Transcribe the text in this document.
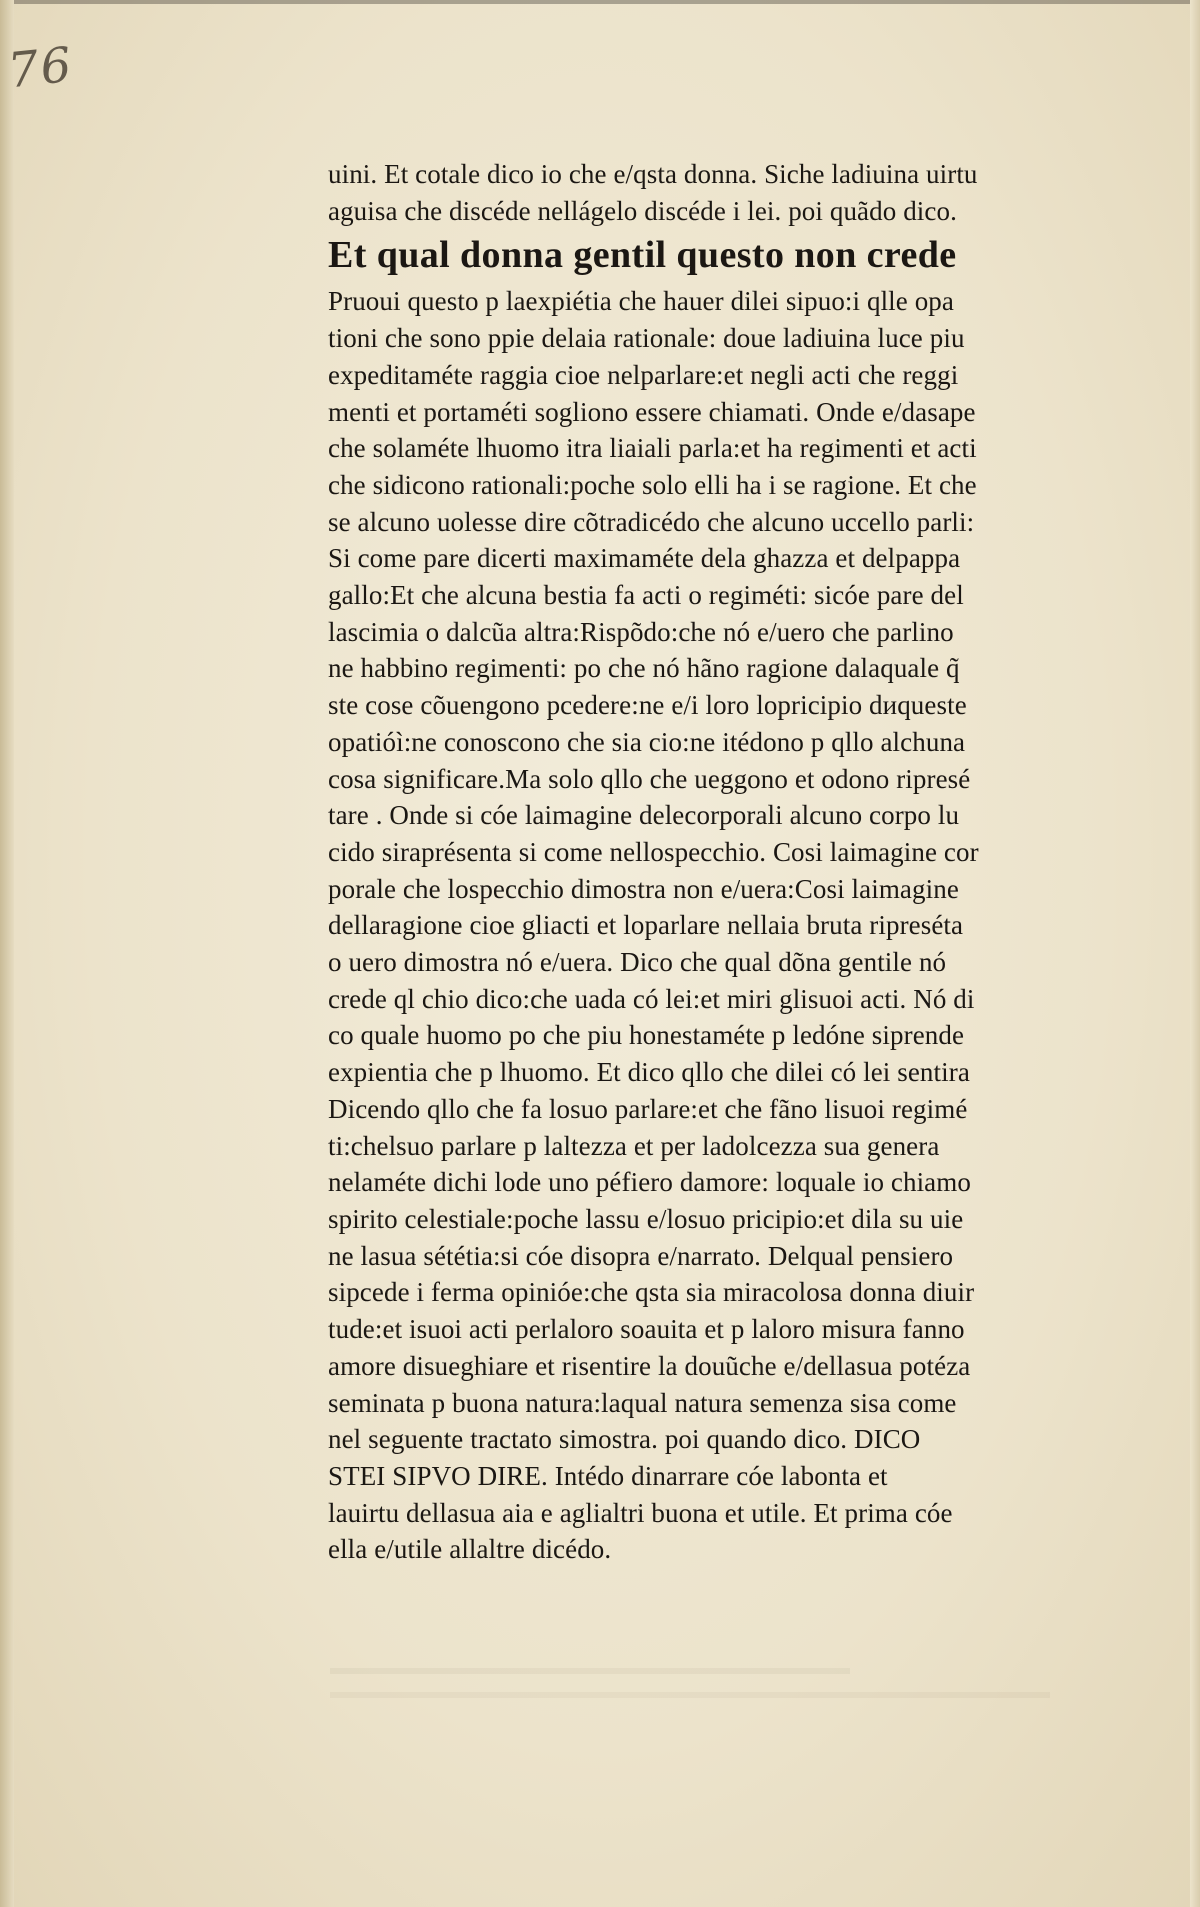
76

uini. Et cotale dico io che e/qsta donna. Siche ladiuina uirtu
aguisa che discéde nellágelo discéde i lei. poi quãdo dico.
Et qual donna gentil questo non crede
Pruoui questo p laexpiétia che hauer dilei sipuo:i qlle opa
tioni che sono ppie delaia rationale: doue ladiuina luce piu
expeditaméte raggia cioe nelparlare:et negli acti che reggi
menti et portaméti sogliono essere chiamati. Onde e/dasape
che solaméte lhuomo itra liaiali parla:et ha regimenti et acti
che sidicono rationali:poche solo elli ha i se ragione. Et che
se alcuno uolesse dire cõtradicédo che alcuno uccello parli:
Si come pare dicerti maximaméte dela ghazza et delpappa
gallo:Et che alcuna bestia fa acti o regiméti: sicóe pare del
lascimia o dalcũa altra:Rispõdo:che nó e/uero che parlino
ne habbino regimenti: po che nó hãno ragione dalaquale q̃
ste cose cõuengono pcedere:ne e/i loro lopricipio dиqueste
opatióì:ne conoscono che sia cio:ne itédono p qllo alchuna
cosa significare.Ma solo qllo che ueggono et odono ripresé
tare . Onde si cóe laimagine delecorporali alcuno corpo lu
cido siraprésenta si come nellospecchio. Cosi laimagine cor
porale che lospecchio dimostra non e/uera:Cosi laimagine
dellaragione cioe gliacti et loparlare nellaia bruta ripreséta
o uero dimostra nó e/uera. Dico che qual dõna gentile nó
crede ql chio dico:che uada có lei:et miri glisuoi acti. Nó di
co quale huomo po che piu honestaméte p ledóne siprende
expientia che p lhuomo. Et dico qllo che dilei có lei sentira
Dicendo qllo che fa losuo parlare:et che fãno lisuoi regimé
ti:chelsuo parlare p laltezza et per ladolcezza sua genera
nelaméte dichi lode uno péfiero damore: loquale io chiamo
spirito celestiale:poche lassu e/losuo pricipio:et dila su uie
ne lasua sététia:si cóe disopra e/narrato. Delqual pensiero
sipcede i ferma opinióe:che qsta sia miracolosa donna diuir
tude:et isuoi acti perlaloro soauita et p laloro misura fanno
amore disueghiare et risentire la douũche e/dellasua potéza
seminata p buona natura:laqual natura semenza sisa come
nel seguente tractato simostra. poi quando dico. DICO
STEI SIPVO DIRE. Intédo dinarrare cóe labonta et
lauirtu dellasua aia e aglialtri buona et utile. Et prima cóe
ella e/utile allaltre dicédo.
